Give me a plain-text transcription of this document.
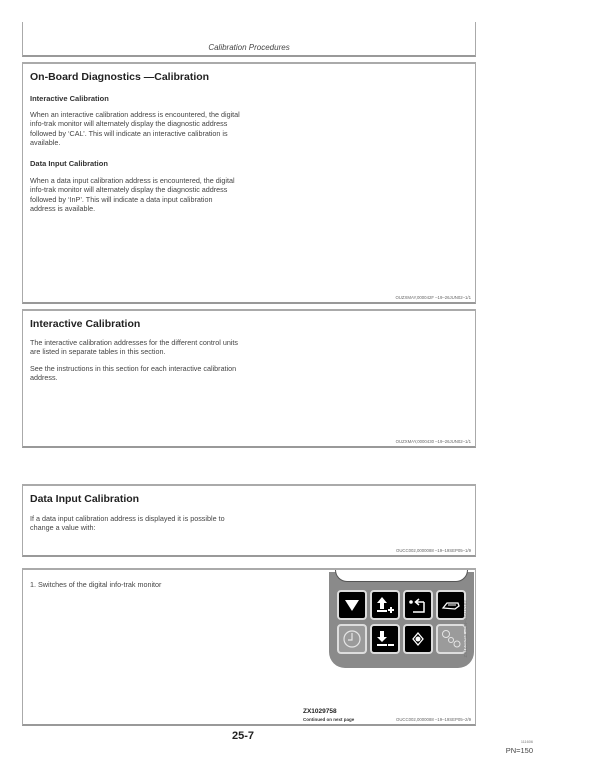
Calibration Procedures
On-Board Diagnostics —Calibration
Interactive Calibration
When an interactive calibration address is encountered, the digital info-trak monitor will alternately display the diagnostic address followed by ‘CAL’. This will indicate an interactive calibration is available.
Data Input Calibration
When a data input calibration address is encountered, the digital info-trak monitor will alternately display the diagnostic address followed by ‘InP’. This will indicate a data input calibration address is available.
OUZXMAY,000042F –19–26JUN02–1/1
Interactive Calibration
The interactive calibration addresses for the different control units are listed in separate tables in this section.
See the instructions in this section for each interactive calibration address.
OUZXMAY,0000430 –19–26JUN02–1/1
Data Input Calibration
If a data input calibration address is displayed it is possible to change a value with:
OUCC002,0000088 –19–19SEP05–1/9
1. Switches of the digital info-trak monitor
ZX1029758 –UN–14AUG02
ZX1029758
Continued on next page	OUCC002,0000088 –19–19SEP05–2/9
25-7	111606
PN=150
